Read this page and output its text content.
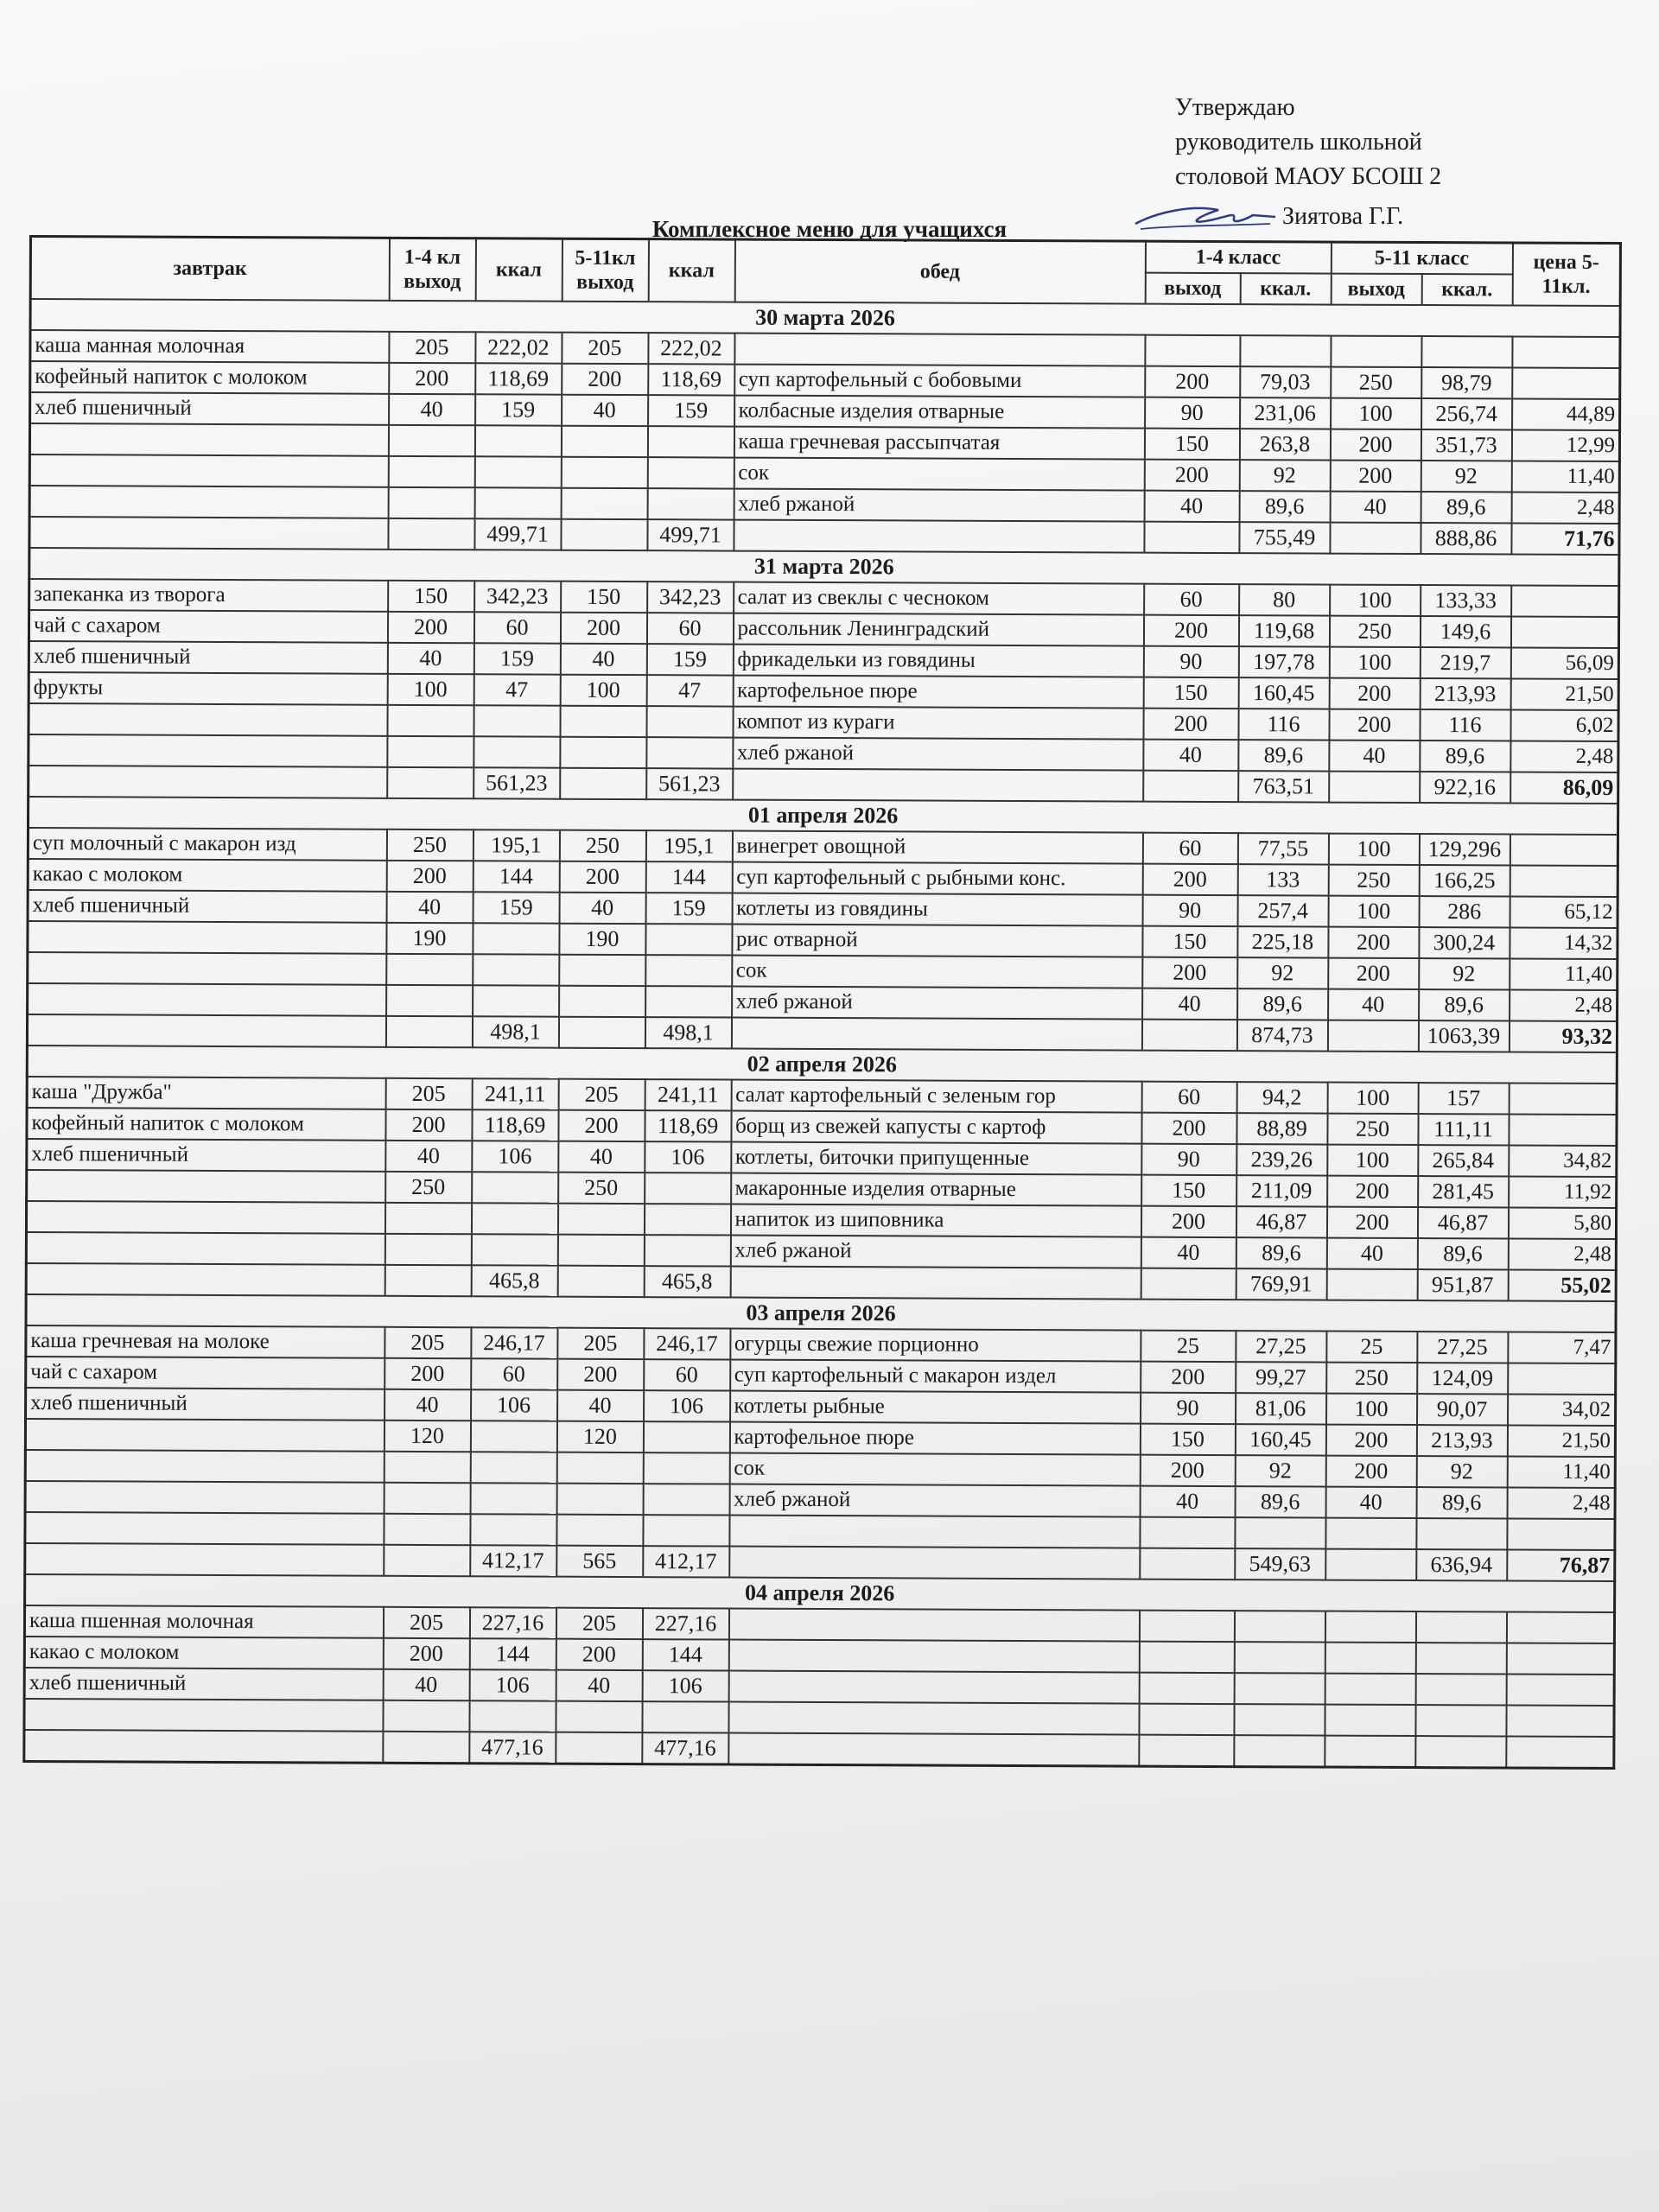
Утверждаю
руководитель школьной
столовой МАОУ БСОШ 2
Зиятова Г.Г.
Комплексное меню для учащихся
завтрак	1-4 кл выход	ккал	5-11кл выход	ккал	обед	1-4 класс		5-11 класс		цена 5-11кл.
						выход	ккал.	выход	ккал.	
30 марта 2026										
каша манная молочная	205	222,02	205	222,02						
кофейный напиток с молоком	200	118,69	200	118,69	суп картофельный с бобовыми	200	79,03	250	98,79	
хлеб пшеничный	40	159	40	159	колбасные изделия отварные	90	231,06	100	256,74	44,89
					каша гречневая рассыпчатая	150	263,8	200	351,73	12,99
					сок	200	92	200	92	11,40
					хлеб ржаной	40	89,6	40	89,6	2,48
		499,71		499,71			755,49		888,86	71,76
31 марта 2026										
запеканка из творога	150	342,23	150	342,23	салат из свеклы с чесноком	60	80	100	133,33	
чай с сахаром	200	60	200	60	рассольник Ленинградский	200	119,68	250	149,6	
хлеб пшеничный	40	159	40	159	фрикадельки из говядины	90	197,78	100	219,7	56,09
фрукты	100	47	100	47	картофельное пюре	150	160,45	200	213,93	21,50
					компот из кураги	200	116	200	116	6,02
					хлеб ржаной	40	89,6	40	89,6	2,48
		561,23		561,23			763,51		922,16	86,09
01 апреля 2026										
суп молочный с макарон изд	250	195,1	250	195,1	винегрет овощной	60	77,55	100	129,296	
какао с молоком	200	144	200	144	суп картофельный с рыбными конс.	200	133	250	166,25	
хлеб пшеничный	40	159	40	159	котлеты из говядины	90	257,4	100	286	65,12
	190		190		рис отварной	150	225,18	200	300,24	14,32
					сок	200	92	200	92	11,40
					хлеб ржаной	40	89,6	40	89,6	2,48
		498,1		498,1			874,73		1063,39	93,32
02 апреля 2026										
каша "Дружба"	205	241,11	205	241,11	салат картофельный с зеленым гор	60	94,2	100	157	
кофейный напиток с молоком	200	118,69	200	118,69	борщ из свежей капусты с картоф	200	88,89	250	111,11	
хлеб пшеничный	40	106	40	106	котлеты, биточки припущенные	90	239,26	100	265,84	34,82
	250		250		макаронные изделия отварные	150	211,09	200	281,45	11,92
					напиток из шиповника	200	46,87	200	46,87	5,80
					хлеб ржаной	40	89,6	40	89,6	2,48
		465,8		465,8			769,91		951,87	55,02
03 апреля 2026										
каша гречневая на молоке	205	246,17	205	246,17	огурцы свежие порционно	25	27,25	25	27,25	7,47
чай с сахаром	200	60	200	60	суп картофельный с макарон издел	200	99,27	250	124,09	
хлеб пшеничный	40	106	40	106	котлеты рыбные	90	81,06	100	90,07	34,02
	120		120		картофельное пюре	150	160,45	200	213,93	21,50
					сок	200	92	200	92	11,40
					хлеб ржаной	40	89,6	40	89,6	2,48

		412,17	565	412,17			549,63		636,94	76,87
04 апреля 2026										
каша пшенная молочная	205	227,16	205	227,16						
какао с молоком	200	144	200	144						
хлеб пшеничный	40	106	40	106						

		477,16		477,16						
